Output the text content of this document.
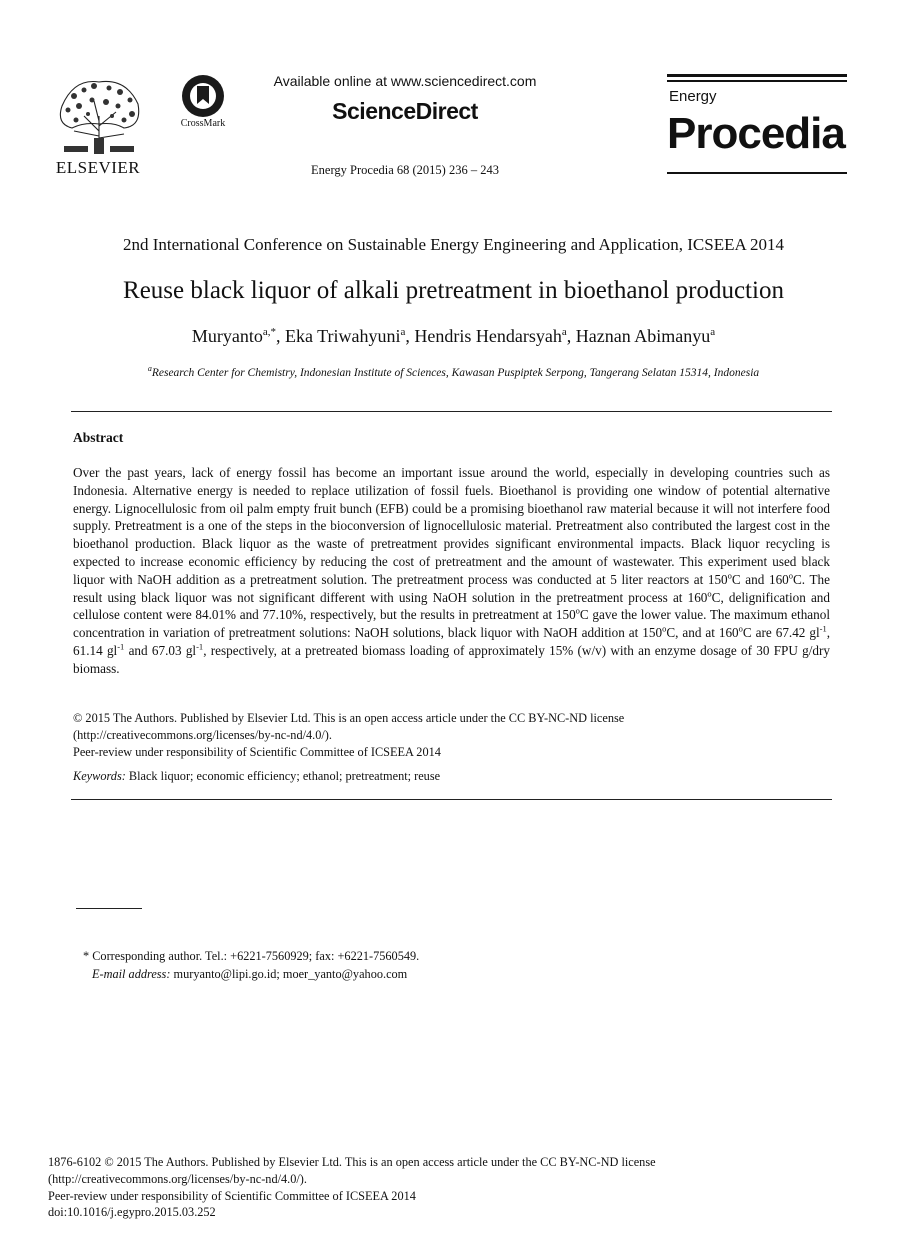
ELSEVIER
CrossMark
Available online at www.sciencedirect.com
ScienceDirect
Energy Procedia 68 (2015) 236 – 243
Energy
Procedia
2nd International Conference on Sustainable Energy Engineering and Application, ICSEEA 2014
Reuse black liquor of alkali pretreatment in bioethanol production
Muryanto$^{a,*}$, Eka Triwahyuni$^a$, Hendris Hendarsyah$^a$, Haznan Abimanyu$^a$
$^a$Research Center for Chemistry, Indonesian Institute of Sciences, Kawasan Puspiptek Serpong, Tangerang Selatan 15314, Indonesia
Abstract
Over the past years, lack of energy fossil has become an important issue around the world, especially in developing countries such as Indonesia. Alternative energy is needed to replace utilization of fossil fuels. Bioethanol is providing one window of potential alternative energy. Lignocellulosic from oil palm empty fruit bunch (EFB) could be a promising bioethanol raw material because it will not interfere food supply. Pretreatment is a one of the steps in the bioconversion of lignocellulosic material. Pretreatment also contributed the largest cost in the bioethanol production. Black liquor as the waste of pretreatment provides significant environmental impacts. Black liquor recycling is expected to increase economic efficiency by reducing the cost of pretreatment and the amount of wastewater. This experiment used black liquor with NaOH addition as a pretreatment solution. The pretreatment process was conducted at 5 liter reactors at 150$^o$C and 160$^o$C. The result using black liquor was not significant different with using NaOH solution in the pretreatment process at 160$^o$C, delignification and cellulose content were 84.01% and 77.10%, respectively, but the results in pretreatment at 150$^o$C gave the lower value. The maximum ethanol concentration in variation of pretreatment solutions: NaOH solutions, black liquor with NaOH addition at 150$^o$C, and at 160$^o$C are 67.42 $gl^{-1}$, 61.14 $gl^{-1}$ and 67.03 $gl^{-1}$, respectively, at a pretreated biomass loading of approximately 15% (w/v) with an enzyme dosage of 30 FPU g/dry biomass.
© 2015 The Authors. Published by Elsevier Ltd. This is an open access article under the CC BY-NC-ND license
(http://creativecommons.org/licenses/by-nc-nd/4.0/).
Peer-review under responsibility of Scientific Committee of ICSEEA 2014
Keywords: Black liquor; economic efficiency; ethanol; pretreatment; reuse
* Corresponding author. Tel.: +6221-7560929; fax: +6221-7560549.
E-mail address: muryanto@lipi.go.id; moer_yanto@yahoo.com
1876-6102 © 2015 The Authors. Published by Elsevier Ltd. This is an open access article under the CC BY-NC-ND license
(http://creativecommons.org/licenses/by-nc-nd/4.0/).
Peer-review under responsibility of Scientific Committee of ICSEEA 2014
doi:10.1016/j.egypro.2015.03.252
